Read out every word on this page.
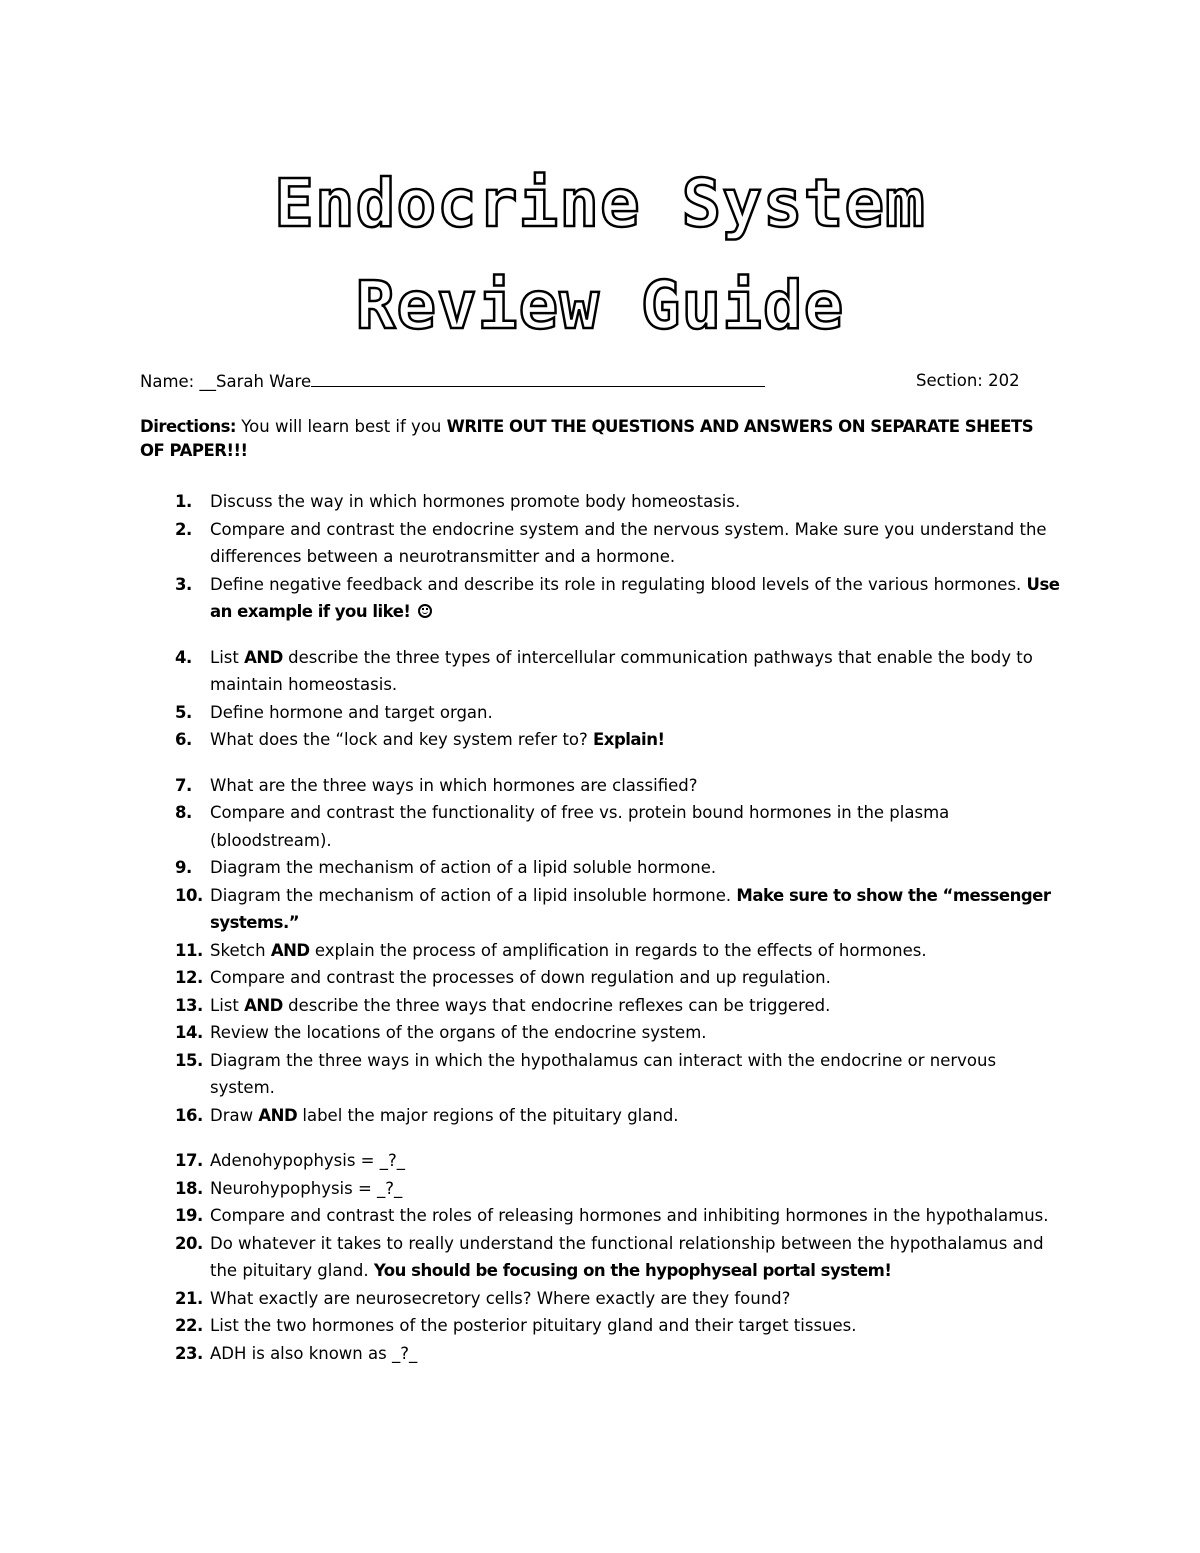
Endocrine System
Review Guide
Name: __Sarah Ware	Section: 202
Directions: You will learn best if you WRITE OUT THE QUESTIONS AND ANSWERS ON SEPARATE SHEETS OF PAPER!!!
1. Discuss the way in which hormones promote body homeostasis.
2. Compare and contrast the endocrine system and the nervous system. Make sure you understand the differences between a neurotransmitter and a hormone.
3. Define negative feedback and describe its role in regulating blood levels of the various hormones. Use an example if you like!
4. List AND describe the three types of intercellular communication pathways that enable the body to maintain homeostasis.
5. Define hormone and target organ.
6. What does the “lock and key system refer to? Explain!
7. What are the three ways in which hormones are classified?
8. Compare and contrast the functionality of free vs. protein bound hormones in the plasma (bloodstream).
9. Diagram the mechanism of action of a lipid soluble hormone.
10. Diagram the mechanism of action of a lipid insoluble hormone. Make sure to show the “messenger systems.”
11. Sketch AND explain the process of amplification in regards to the effects of hormones.
12. Compare and contrast the processes of down regulation and up regulation.
13. List AND describe the three ways that endocrine reflexes can be triggered.
14. Review the locations of the organs of the endocrine system.
15. Diagram the three ways in which the hypothalamus can interact with the endocrine or nervous system.
16. Draw AND label the major regions of the pituitary gland.
17. Adenohypophysis = _?_
18. Neurohypophysis = _?_
19. Compare and contrast the roles of releasing hormones and inhibiting hormones in the hypothalamus.
20. Do whatever it takes to really understand the functional relationship between the hypothalamus and the pituitary gland. You should be focusing on the hypophyseal portal system!
21. What exactly are neurosecretory cells? Where exactly are they found?
22. List the two hormones of the posterior pituitary gland and their target tissues.
23. ADH is also known as _?_
